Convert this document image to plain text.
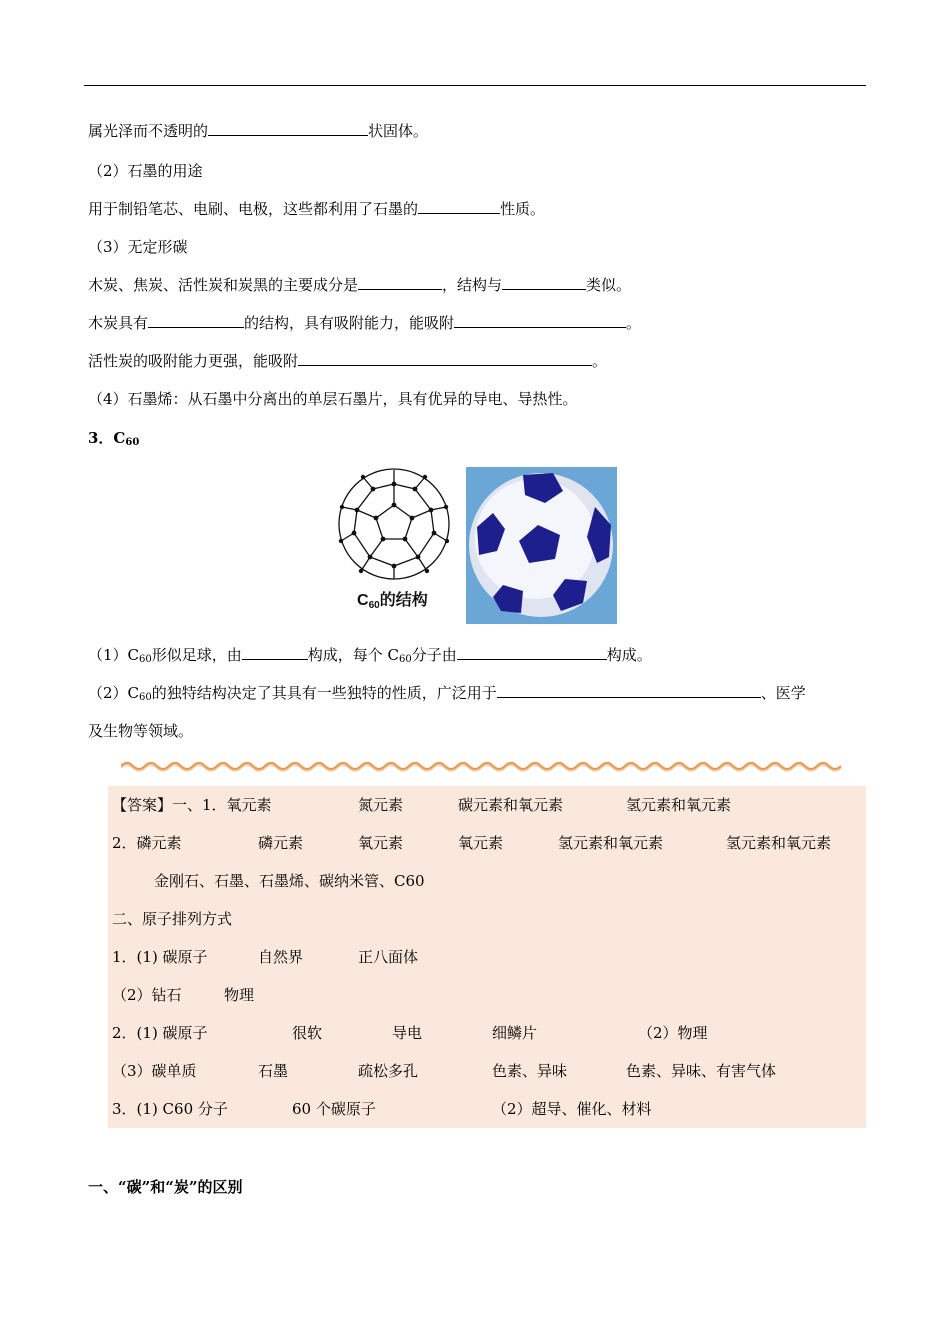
属光泽而不透明的	状固体。
（2）石墨的用途
用于制铅笔芯、电刷、电极，这些都利用了石墨的	性质。
（3）无定形碳
木炭、焦炭、活性炭和炭黑的主要成分是	，结构与	类似。
木炭具有	的结构，具有吸附能力，能吸附	。
活性炭的吸附能力更强，能吸附	。
（4）石墨烯：从石墨中分离出的单层石墨片，具有优异的导电、导热性。
3．$C_{60}$
C60的结构
$(1)C_{60}$形似足球，由	构成，每个 $C_{60}$分子由	构成。
$(2)C_{60}$的独特结构决定了其具有一些独特的性质，广泛用于	、医学
及生物等领域。
【答案】一、1．氧元素	氮元素	碳元素和氧元素	氢元素和氧元素
2．磷元素	磷元素	氧元素	氧元素	氢元素和氧元素	氢元素和氧元素
金刚石、石墨、石墨烯、碳纳米管、C60
二、原子排列方式
1．(1) 碳原子	自然界	正八面体
（2）钻石	物理
2．(1) 碳原子	很软	导电	细鳞片	（2）物理
（3）碳单质	石墨	疏松多孔	色素、异味	色素、异味、有害气体
3．(1) C60 分子	60 个碳原子	（2）超导、催化、材料
一、“碳”和“炭”的区别
